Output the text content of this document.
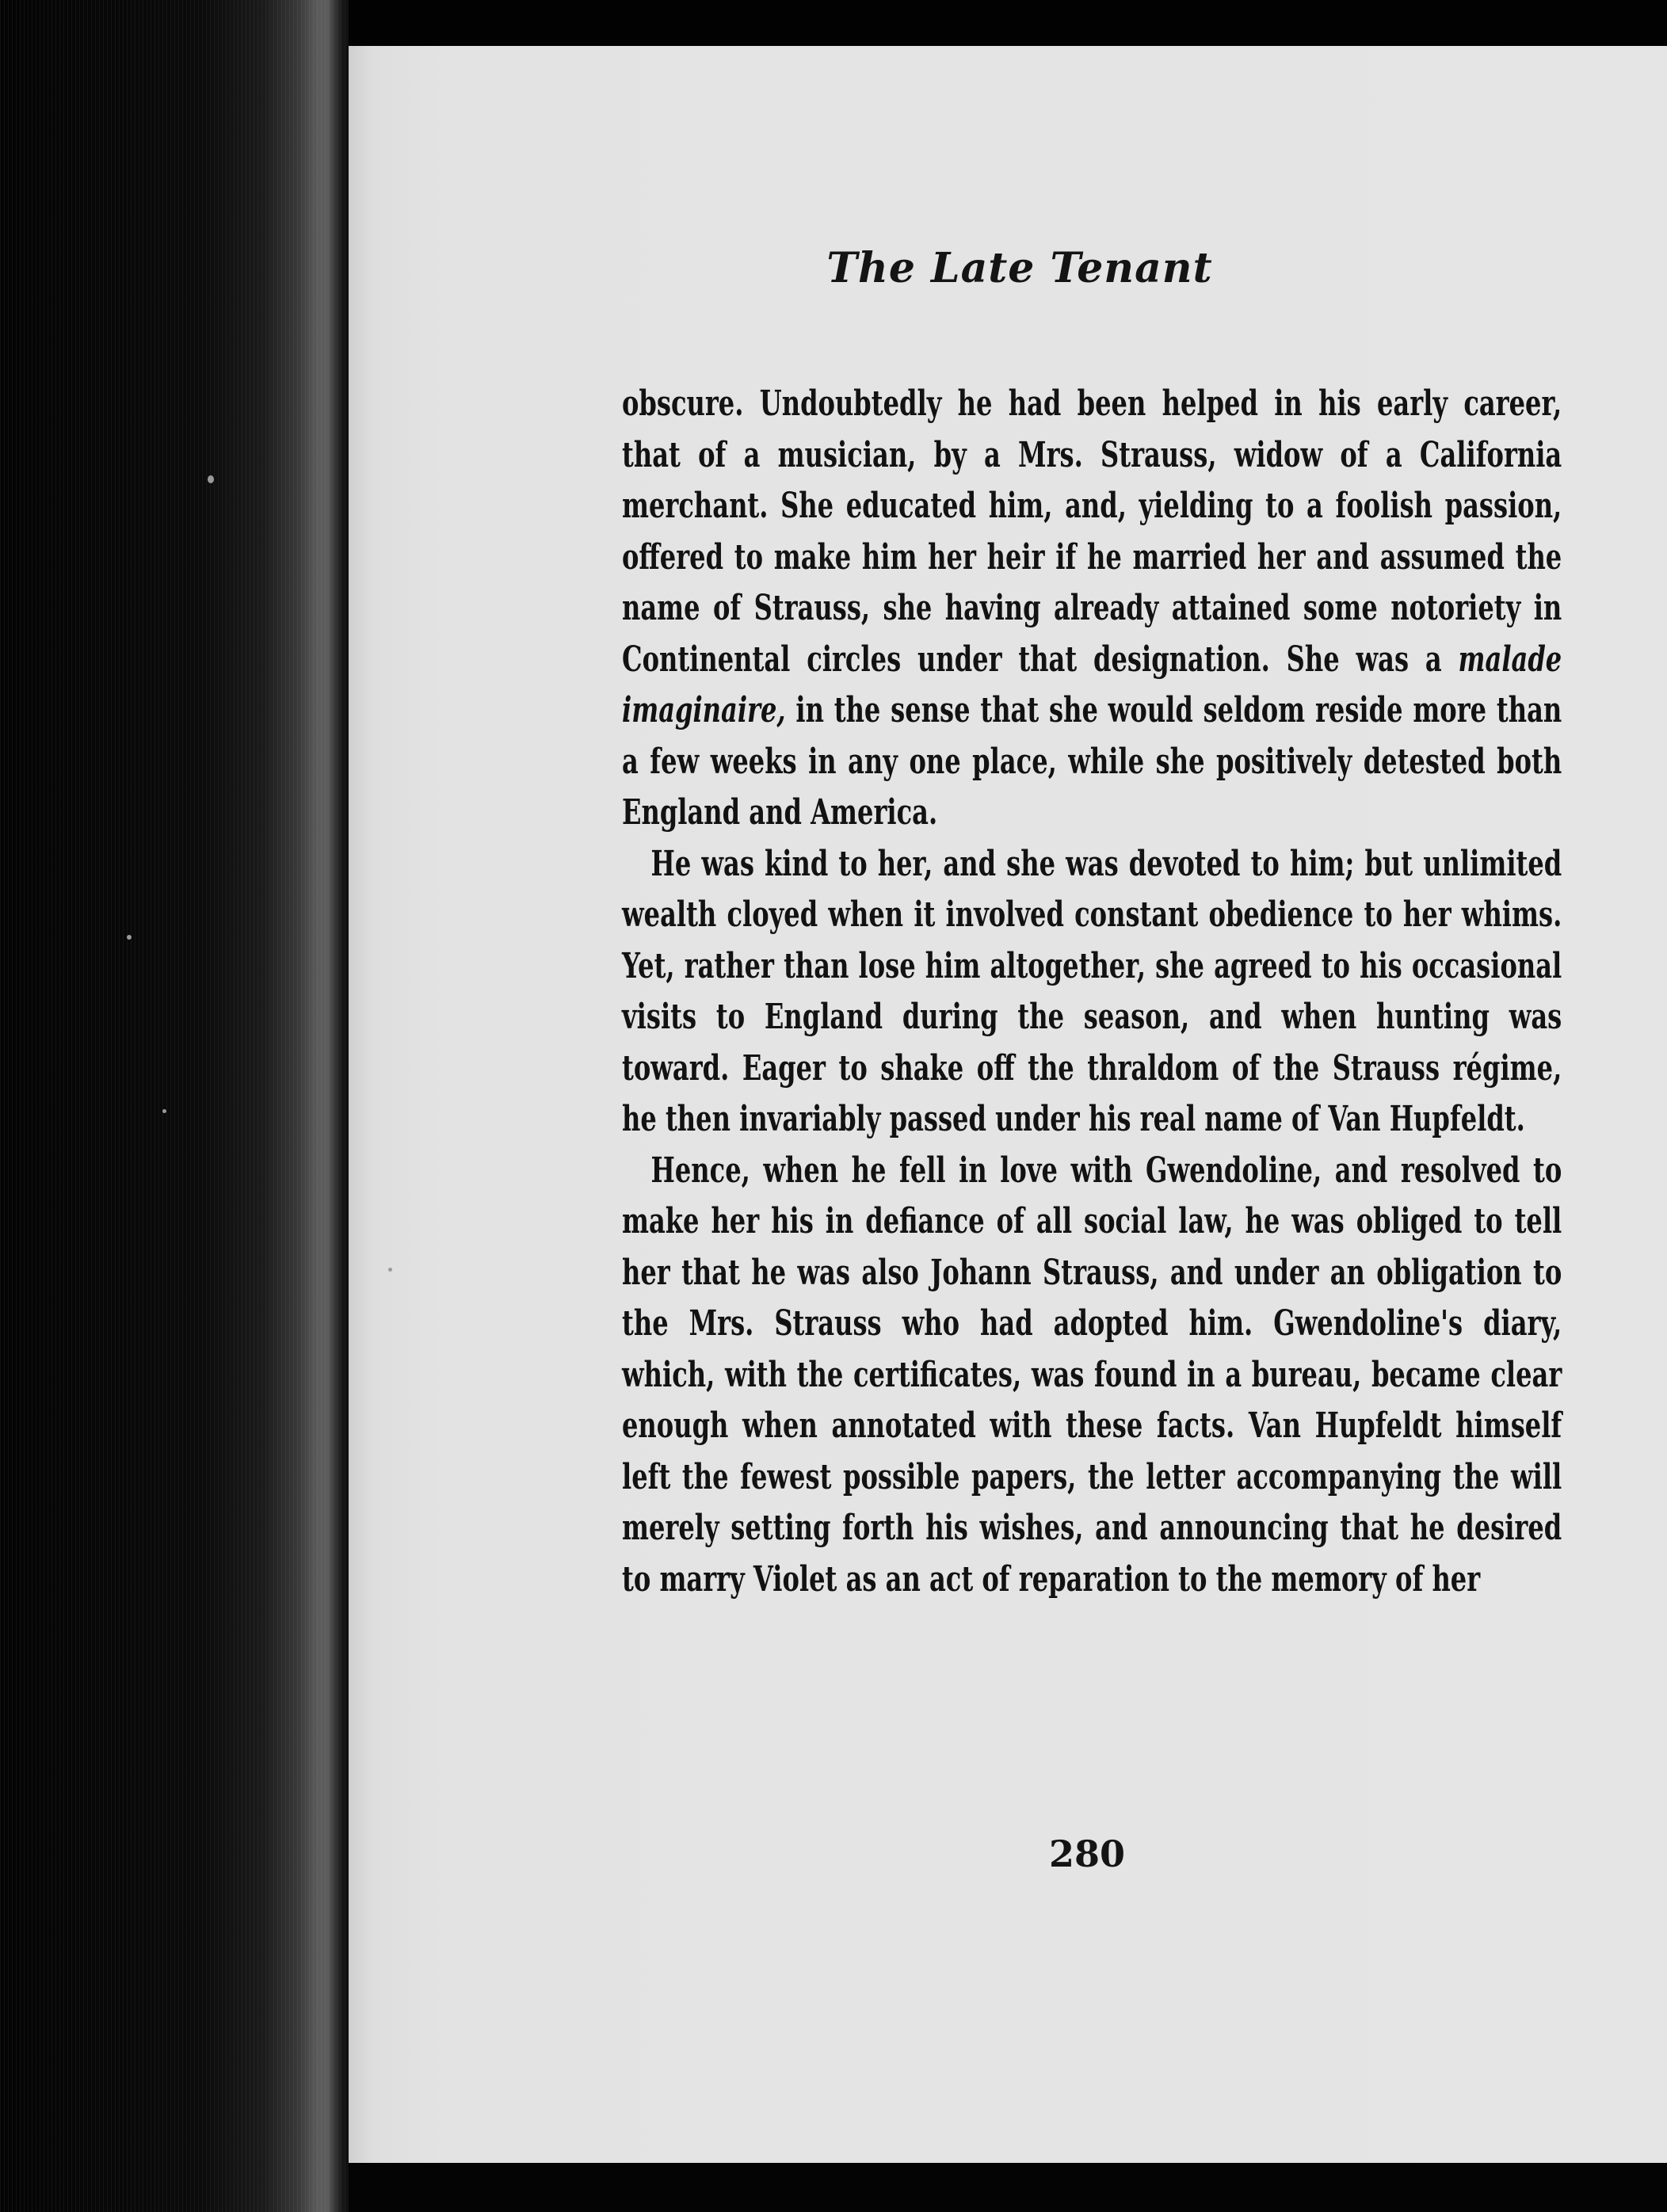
The Late Tenant

obscure. Undoubtedly he had been helped in his early career, that of a musician, by a Mrs. Strauss, widow of a California merchant. She educated him, and, yielding to a foolish passion, offered to make him her heir if he married her and assumed the name of Strauss, she having already attained some notoriety in Continental circles under that designation. She was a malade imaginaire, in the sense that she would seldom reside more than a few weeks in any one place, while she positively detested both England and America.

He was kind to her, and she was devoted to him; but unlimited wealth cloyed when it involved constant obedience to her whims. Yet, rather than lose him altogether, she agreed to his occasional visits to England during the season, and when hunting was toward. Eager to shake off the thraldom of the Strauss régime, he then invariably passed under his real name of Van Hupfeldt.

Hence, when he fell in love with Gwendoline, and resolved to make her his in defiance of all social law, he was obliged to tell her that he was also Johann Strauss, and under an obligation to the Mrs. Strauss who had adopted him. Gwendoline's diary, which, with the certificates, was found in a bureau, became clear enough when annotated with these facts. Van Hupfeldt himself left the fewest possible papers, the letter accompanying the will merely setting forth his wishes, and announcing that he desired to marry Violet as an act of reparation to the memory of her

280
